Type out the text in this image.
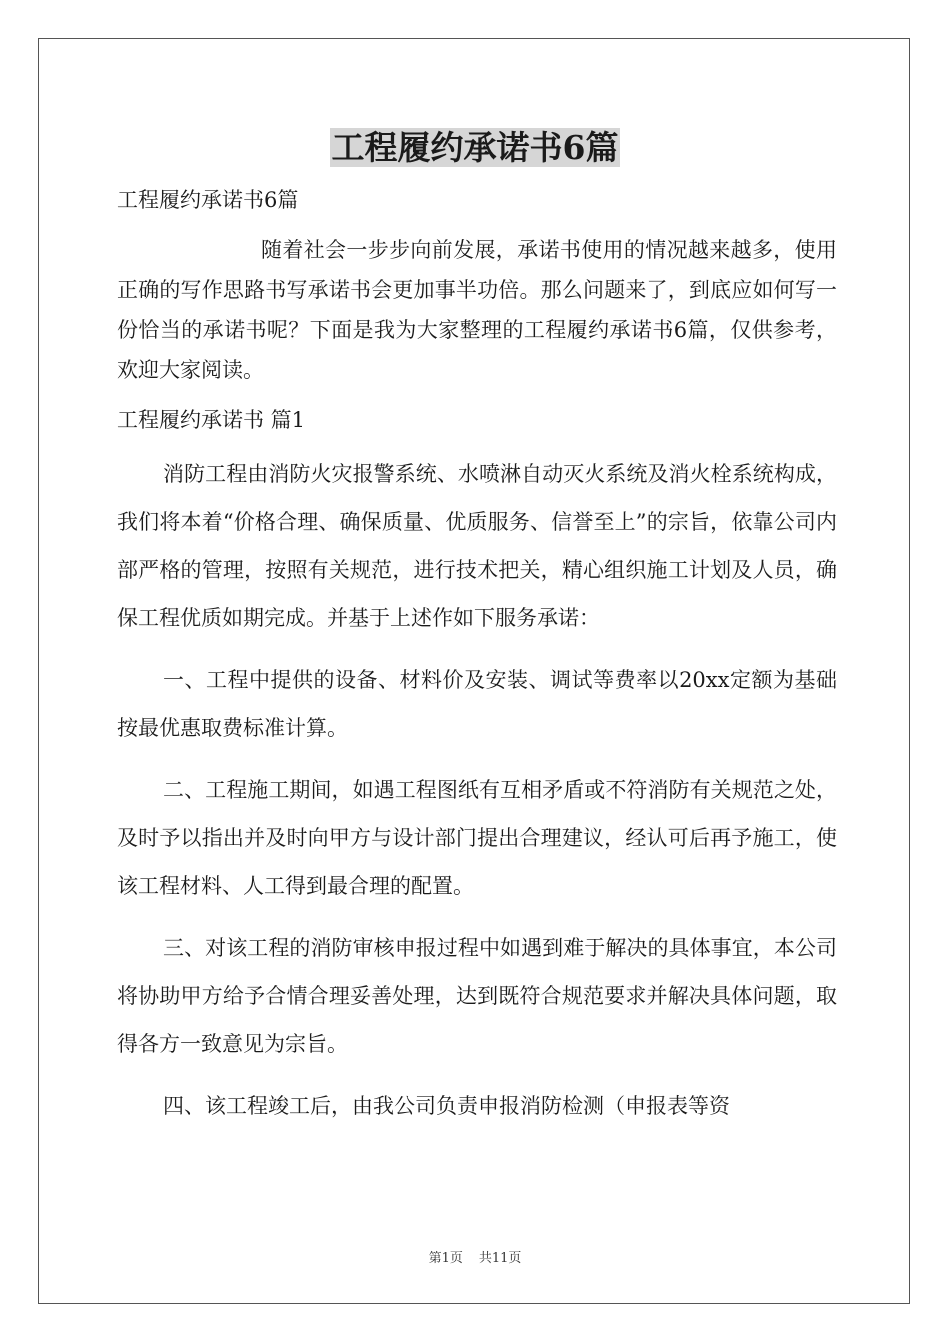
工程履约承诺书6篇

工程履约承诺书6篇

随着社会一步步向前发展，承诺书使用的情况越来越多，使用正确的写作思路书写承诺书会更加事半功倍。那么问题来了，到底应如何写一份恰当的承诺书呢？下面是我为大家整理的工程履约承诺书6篇，仅供参考，欢迎大家阅读。

工程履约承诺书 篇1

消防工程由消防火灾报警系统、水喷淋自动灭火系统及消火栓系统构成，我们将本着“价格合理、确保质量、优质服务、信誉至上”的宗旨，依靠公司内部严格的管理，按照有关规范，进行技术把关，精心组织施工计划及人员，确保工程优质如期完成。并基于上述作如下服务承诺：

一、工程中提供的设备、材料价及安装、调试等费率以20xx定额为基础按最优惠取费标准计算。

二、工程施工期间，如遇工程图纸有互相矛盾或不符消防有关规范之处，及时予以指出并及时向甲方与设计部门提出合理建议，经认可后再予施工，使该工程材料、人工得到最合理的配置。

三、对该工程的消防审核申报过程中如遇到难于解决的具体事宜，本公司将协助甲方给予合情合理妥善处理，达到既符合规范要求并解决具体问题，取得各方一致意见为宗旨。

四、该工程竣工后，由我公司负责申报消防检测（申报表等资

第1页 共11页
